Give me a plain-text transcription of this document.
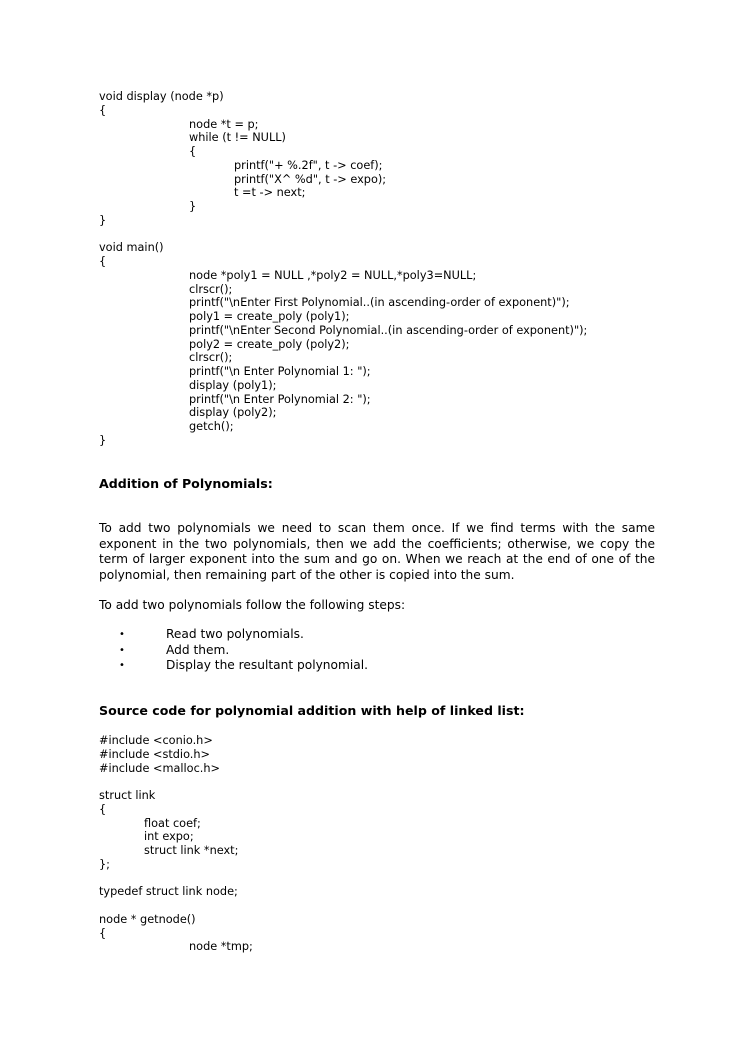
void display (node *p)
{
node *t = p;
while (t != NULL)
{
printf("+ %.2f", t -> coef);
printf("X^ %d", t -> expo);
t =t -> next;
}
}
void main()
{
node *poly1 = NULL ,*poly2 = NULL,*poly3=NULL;
clrscr();
printf("\nEnter First Polynomial..(in ascending-order of exponent)");
poly1 = create_poly (poly1);
printf("\nEnter Second Polynomial..(in ascending-order of exponent)");
poly2 = create_poly (poly2);
clrscr();
printf("\n Enter Polynomial 1: ");
display (poly1);
printf("\n Enter Polynomial 2: ");
display (poly2);
getch();
}
Addition of Polynomials:
To add two polynomials we need to scan them once. If we find terms with the same exponent in the two polynomials, then we add the coefficients; otherwise, we copy the term of larger exponent into the sum and go on. When we reach at the end of one of the polynomial, then remaining part of the other is copied into the sum.
To add two polynomials follow the following steps:
•	Read two polynomials.
•	Add them.
•	Display the resultant polynomial.
Source code for polynomial addition with help of linked list:
#include <conio.h>
#include <stdio.h>
#include <malloc.h>
struct link
{
float coef;
int expo;
struct link *next;
};
typedef struct link node;
node * getnode()
{
node *tmp;
